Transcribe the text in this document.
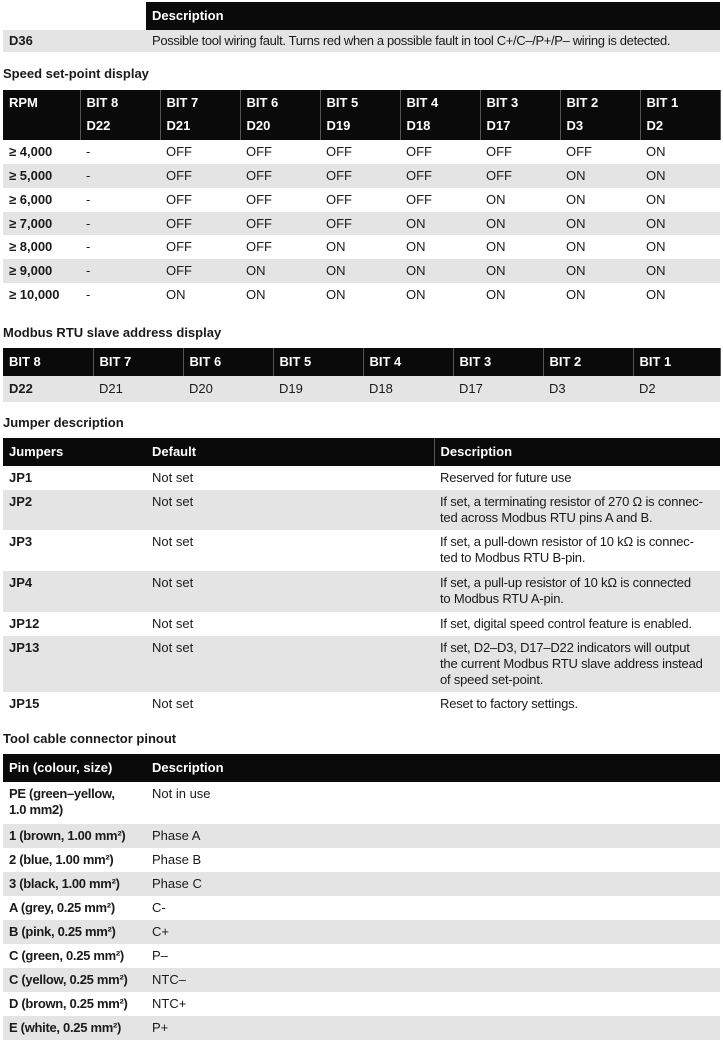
	Description
D36	Possible tool wiring fault. Turns red when a possible fault in tool C+/C–/P+/P– wiring is detected.
Speed set-point display
RPM	BIT 8	BIT 7	BIT 6	BIT 5	BIT 4	BIT 3	BIT 2	BIT 1
	D22	D21	D20	D19	D18	D17	D3	D2
≥ 4,000	-	OFF	OFF	OFF	OFF	OFF	OFF	ON
≥ 5,000	-	OFF	OFF	OFF	OFF	OFF	ON	ON
≥ 6,000	-	OFF	OFF	OFF	OFF	ON	ON	ON
≥ 7,000	-	OFF	OFF	OFF	ON	ON	ON	ON
≥ 8,000	-	OFF	OFF	ON	ON	ON	ON	ON
≥ 9,000	-	OFF	ON	ON	ON	ON	ON	ON
≥ 10,000	-	ON	ON	ON	ON	ON	ON	ON
Modbus RTU slave address display
BIT 8	BIT 7	BIT 6	BIT 5	BIT 4	BIT 3	BIT 2	BIT 1
D22	D21	D20	D19	D18	D17	D3	D2
Jumper description
Jumpers	Default	Description
JP1	Not set	Reserved for future use

JP2	Not set	If set, a terminating resistor of 270 Ω is connec-
ted across Modbus RTU pins A and B.

JP3	Not set	If set, a pull-down resistor of 10 kΩ is connec-
ted to Modbus RTU B-pin.

JP4	Not set	If set, a pull-up resistor of 10 kΩ is connected
to Modbus RTU A-pin.

JP12	Not set	If set, digital speed control feature is enabled.

JP13	Not set	If set, D2–D3, D17–D22 indicators will output
the current Modbus RTU slave address instead
of speed set-point.

JP15	Not set	Reset to factory settings.
Tool cable connector pinout
Pin (colour, size)	Description

PE (green–yellow,
1.0 mm2)	Not in use

1 (brown, 1.00 mm²)	Phase A

2 (blue, 1.00 mm²)	Phase B

3 (black, 1.00 mm²)	Phase C

A (grey, 0.25 mm²)	C-

B (pink, 0.25 mm²)	C+

C (green, 0.25 mm²)	P–

C (yellow, 0.25 mm²)	NTC–

D (brown, 0.25 mm²)	NTC+

E (white, 0.25 mm²)	P+
